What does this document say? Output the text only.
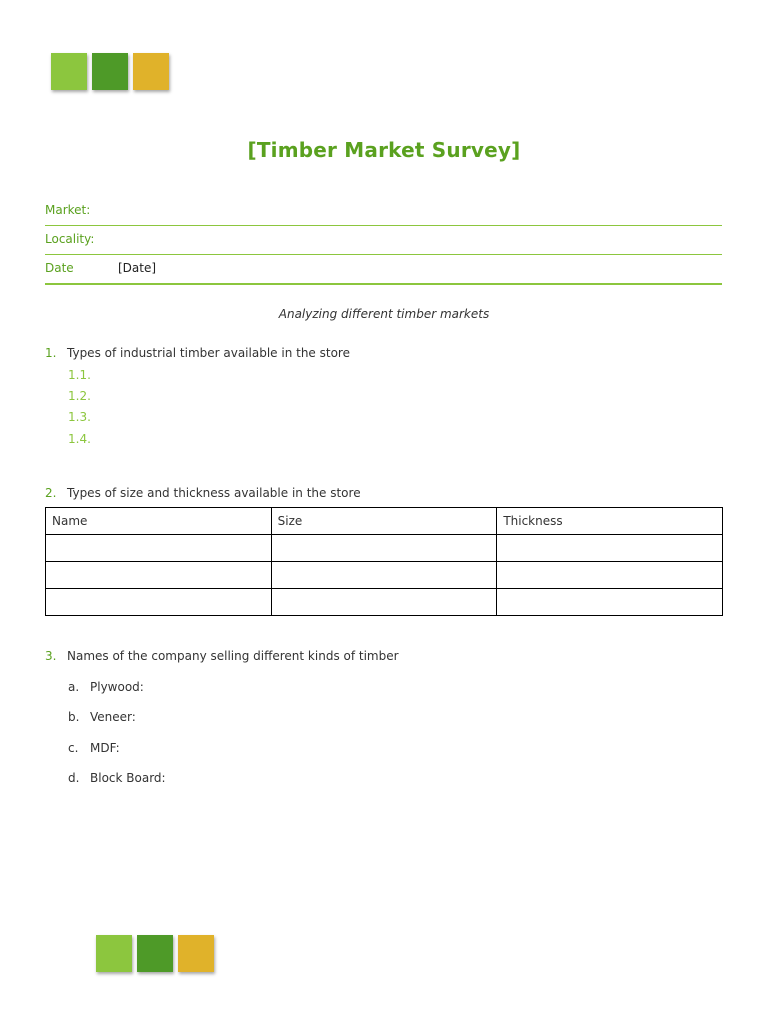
[Timber Market Survey]
Market:
Locality:
Date	[Date]
Analyzing different timber markets
1. Types of industrial timber available in the store
1.1.
1.2.
1.3.
1.4.
2. Types of size and thickness available in the store
Name	Size	Thickness

3. Names of the company selling different kinds of timber
a. Plywood:
b. Veneer:
c. MDF:
d. Block Board:
